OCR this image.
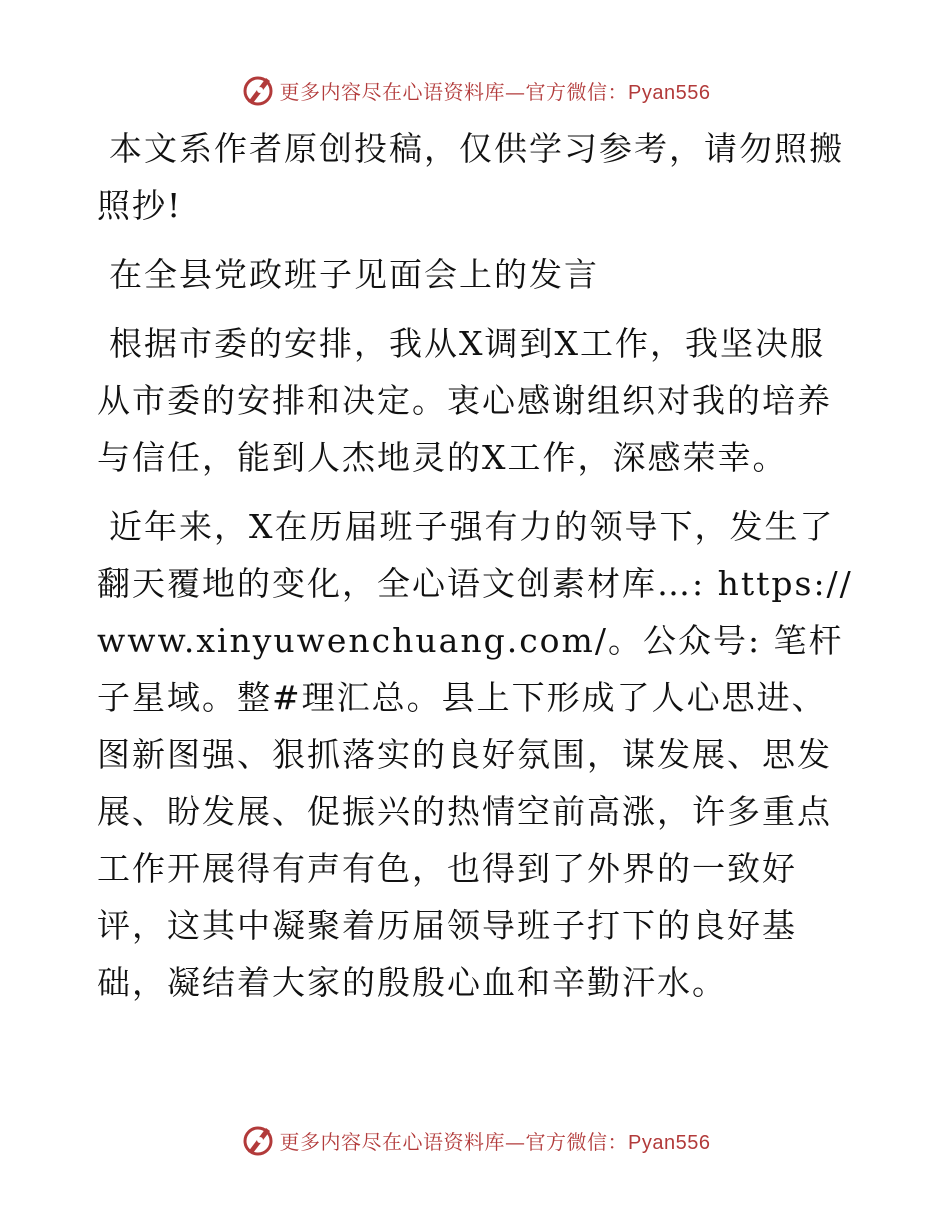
更多内容尽在心语资料库—官方微信：Pyan556

本文系作者原创投稿，仅供学习参考，请勿照搬照抄!

在全县党政班子见面会上的发言

根据市委的安排，我从X调到X工作，我坚决服从市委的安排和决定。衷心感谢组织对我的培养与信任，能到人杰地灵的X工作，深感荣幸。

近年来，X在历届班子强有力的领导下，发生了翻天覆地的变化，全心语文创素材库…: https:// www.xinyuwenchuang.com/。公众号: 笔杆子星域。整#理汇总。县上下形成了人心思进、图新图强、狠抓落实的良好氛围，谋发展、思发展、盼发展、促振兴的热情空前高涨，许多重点工作开展得有声有色，也得到了外界的一致好评，这其中凝聚着历届领导班子打下的良好基础，凝结着大家的殷殷心血和辛勤汗水。

更多内容尽在心语资料库—官方微信：Pyan556
